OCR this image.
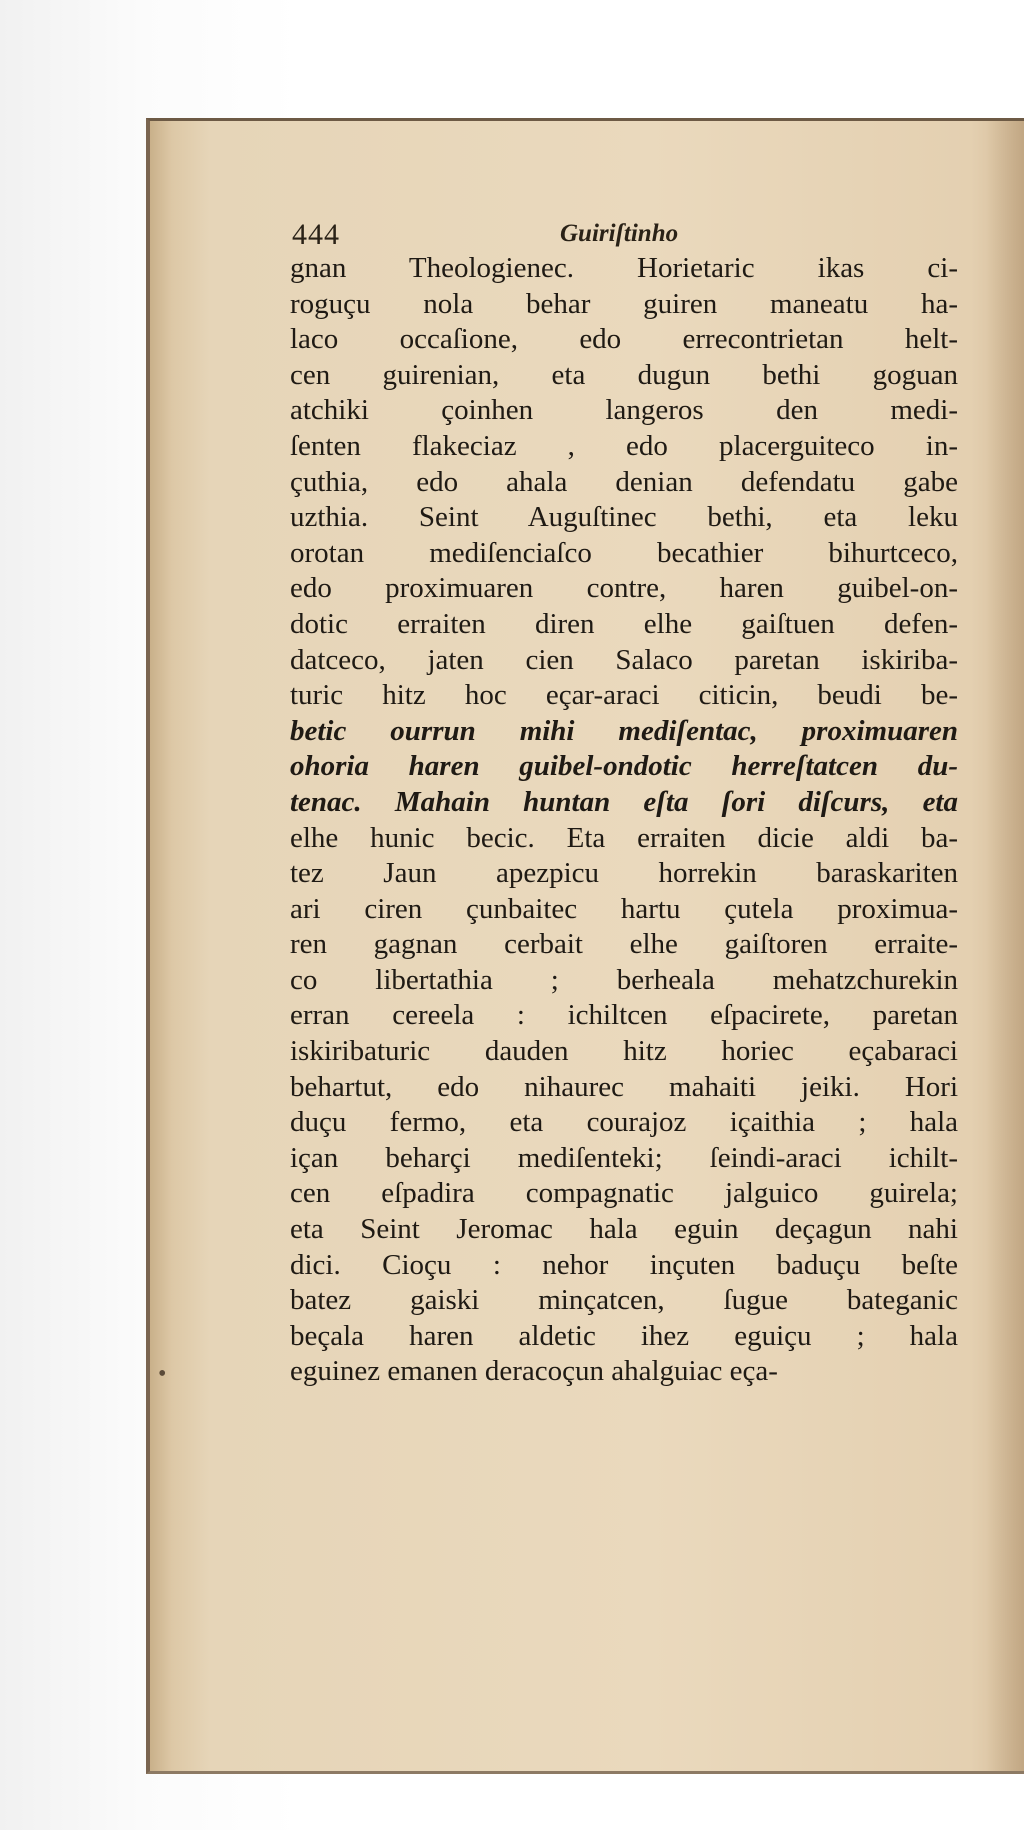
444	Guiriſtinho
gnan Theologienec. Horietaric ikas ci-
roguçu nola behar guiren maneatu ha-
laco occaſione, edo errecontrietan helt-
cen guirenian, eta dugun bethi goguan
atchiki çoinhen langeros den medi-
ſenten flakeciaz , edo placerguiteco in-
çuthia, edo ahala denian defendatu gabe
uzthia. Seint Auguſtinec bethi, eta leku
orotan mediſenciaſco becathier bihurtceco,
edo proximuaren contre, haren guibel-on-
dotic erraiten diren elhe gaiſtuen defen-
datceco, jaten cien Salaco paretan iskiriba-
turic hitz hoc eçar-araci citicin, beudi be-
betic ourrun mihi mediſentac, proximuaren
ohoria haren guibel-ondotic herreſtatcen du-
tenac. Mahain huntan eſta ſori diſcurs, eta
elhe hunic becic. Eta erraiten dicie aldi ba-
tez Jaun apezpicu horrekin baraskariten
ari ciren çunbaitec hartu çutela proximua-
ren gagnan cerbait elhe gaiſtoren erraite-
co libertathia ; berheala mehatzchurekin
erran cereela : ichiltcen eſpacirete, paretan
iskiribaturic dauden hitz horiec eçabaraci
behartut, edo nihaurec mahaiti jeiki. Hori
duçu fermo, eta courajoz içaithia ; hala
içan beharçi mediſenteki; ſeindi-araci ichilt-
cen eſpadira compagnatic jalguico guirela;
eta Seint Jeromac hala eguin deçagun nahi
dici. Cioçu : nehor inçuten baduçu beſte
batez gaiski minçatcen, ſugue bateganic
beçala haren aldetic ihez eguiçu ; hala
eguinez emanen deracoçun ahalguiac eça-
•
